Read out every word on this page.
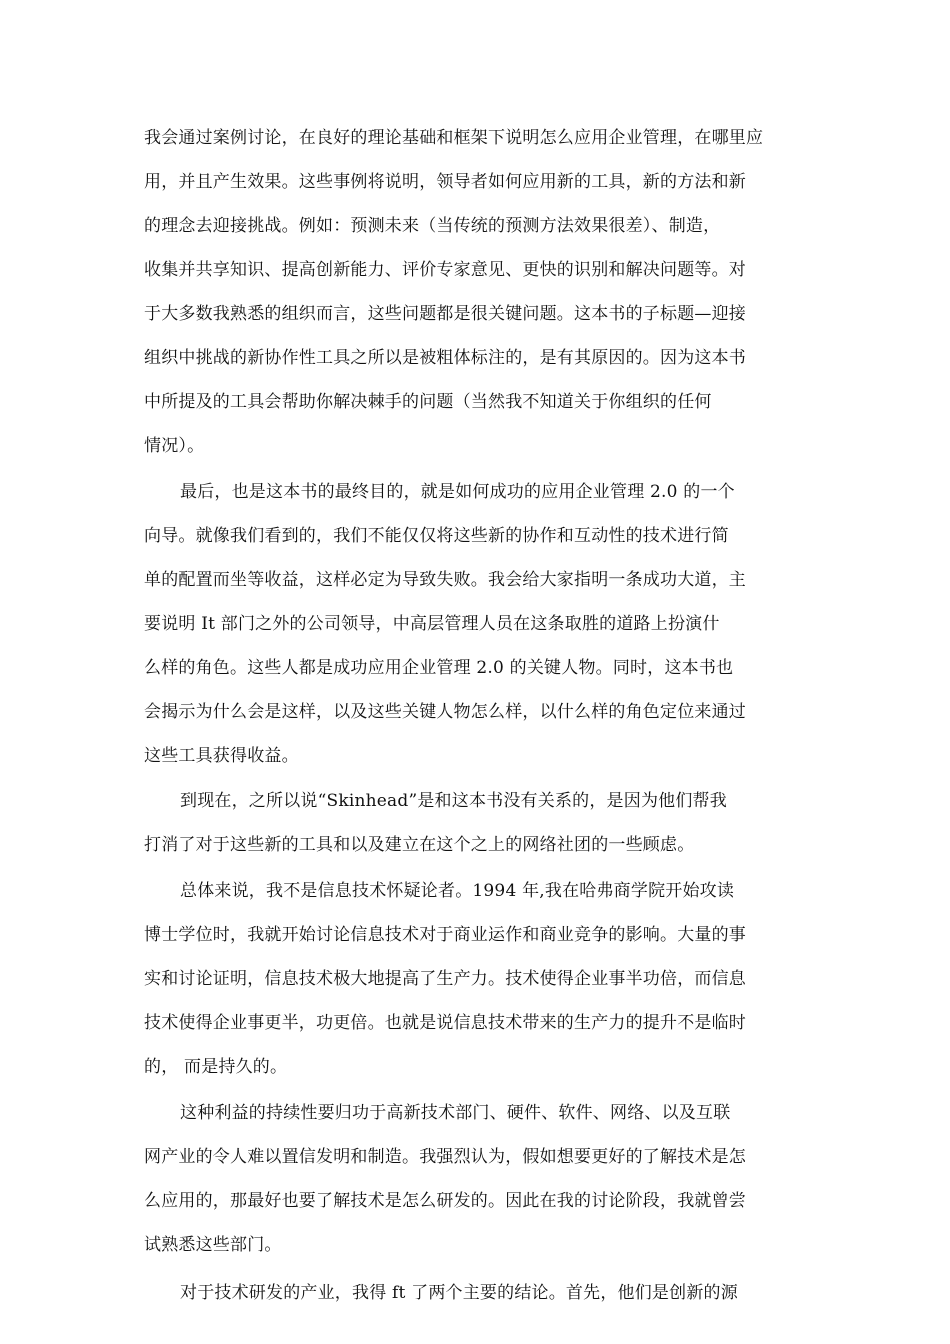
我会通过案例讨论，在良好的理论基础和框架下说明怎么应用企业管理，在哪里应
用，并且产生效果。这些事例将说明，领导者如何应用新的工具，新的方法和新
的理念去迎接挑战。例如：预测未来（当传统的预测方法效果很差）、制造，
收集并共享知识、提高创新能力、评价专家意见、更快的识别和解决问题等。对
于大多数我熟悉的组织而言，这些问题都是很关键问题。这本书的子标题—迎接
组织中挑战的新协作性工具之所以是被粗体标注的，是有其原因的。因为这本书
中所提及的工具会帮助你解决棘手的问题（当然我不知道关于你组织的任何
情况）。
最后，也是这本书的最终目的，就是如何成功的应用企业管理 2.0 的一个
向导。就像我们看到的，我们不能仅仅将这些新的协作和互动性的技术进行简
单的配置而坐等收益，这样必定为导致失败。我会给大家指明一条成功大道，主
要说明 It 部门之外的公司领导，中高层管理人员在这条取胜的道路上扮演什
么样的角色。这些人都是成功应用企业管理 2.0 的关键人物。同时，这本书也
会揭示为什么会是这样，以及这些关键人物怎么样，以什么样的角色定位来通过
这些工具获得收益。
到现在，之所以说“Skinhead”是和这本书没有关系的，是因为他们帮我
打消了对于这些新的工具和以及建立在这个之上的网络社团的一些顾虑。
总体来说，我不是信息技术怀疑论者。1994 年,我在哈弗商学院开始攻读
博士学位时，我就开始讨论信息技术对于商业运作和商业竞争的影响。大量的事
实和讨论证明，信息技术极大地提高了生产力。技术使得企业事半功倍，而信息
技术使得企业事更半，功更倍。也就是说信息技术带来的生产力的提升不是临时
的， 而是持久的。
这种利益的持续性要归功于高新技术部门、硬件、软件、网络、以及互联
网产业的令人难以置信发明和制造。我强烈认为，假如想要更好的了解技术是怎
么应用的，那最好也要了解技术是怎么研发的。因此在我的讨论阶段，我就曾尝
试熟悉这些部门。
对于技术研发的产业，我得 ft 了两个主要的结论。首先，他们是创新的源
